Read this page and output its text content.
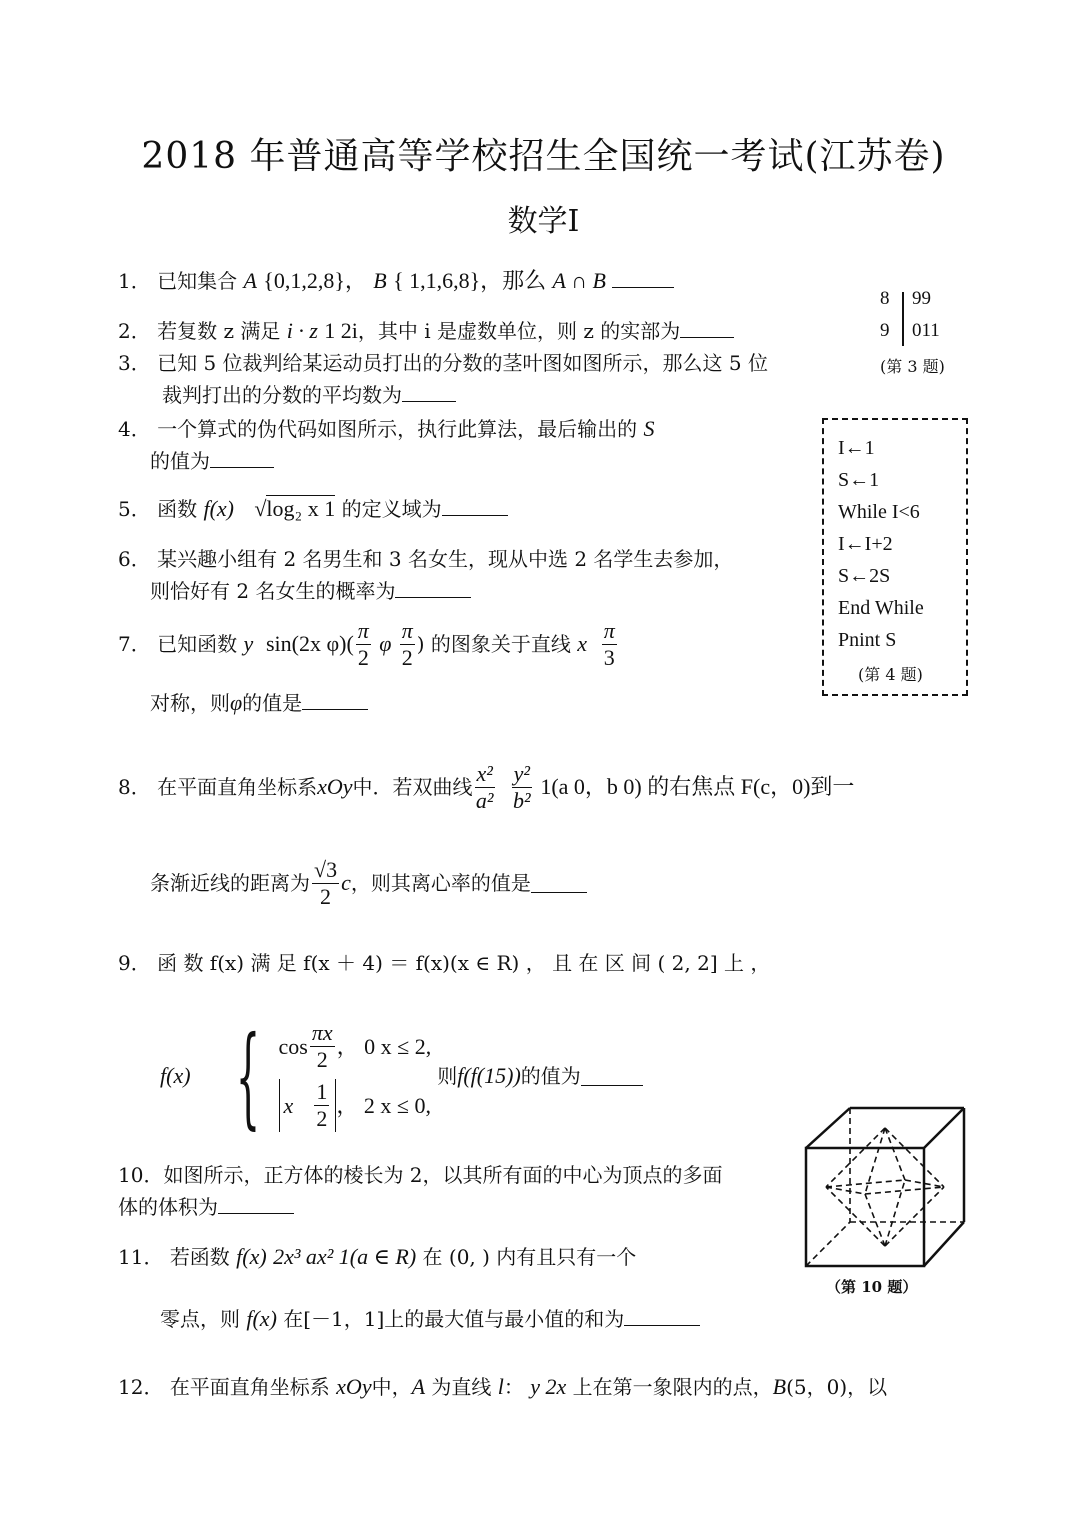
2018 年普通高等学校招生全国统一考试(江苏卷)
数学Ⅰ
1． 已知集合 A {0,1,2,8}， B { 1,1,6,8}，那么 A ∩ B
2． 若复数 z 满足 i · z 1 2i，其中 i 是虚数单位，则 z 的实部为
3． 已知 5 位裁判给某运动员打出的分数的茎叶图如图所示，那么这 5 位
裁判打出的分数的平均数为
4． 一个算式的伪代码如图所示，执行此算法，最后输出的 S
的值为
5． 函数 f(x) √log₂ x 1 的定义域为
6． 某兴趣小组有 2 名男生和 3 名女生，现从中选 2 名学生去参加，
则恰好有 2 名女生的概率为
7．
已知函数
y
sin(2x $\varphi)( \frac{\pi}{2}$
φ
$\frac{\pi}{2}$ ) 的图象关于直线
x
$\frac{\pi}{3}$
对称，则φ的值是
8．
在平面直角坐标系 xOy 中．若双曲线 $\frac{\text{x²}}{\text{a²}}$
$\frac{\text{y²}}{\text{b²}}$
1(a 0，b 0) 的右焦点 F(c，0)到一
条渐近线的距离为 $\frac{√3}{2}$ c ，则其离心率的值是
9． 函 数 f(x) 满 足 f(x ＋ 4) ＝ f(x)(x ∈ R) ， 且 在 区 间 ( 2, 2] 上 ，
f(x) { $\cos \frac{\pi x}{2}$ ， 0 x ≤ 2,
x
$\frac{1}{2}$ ， 2 x ≤ 0,
则 f(f(15)) 的值为
10．如图所示，正方体的棱长为 2，以其所有面的中心为顶点的多面
体的体积为
11． 若函数 f(x) 2x³ ax² 1(a ∈ R) 在 (0, ) 内有且只有一个
零点，则 f(x) 在[－1，1]上的最大值与最小值的和为
12． 在平面直角坐标系 xOy中，A 为直线 l： y 2x 上在第一象限内的点，B(5，0)，以
8 99
9 011
(第 3 题)
I←1
S←1
While I<6
I←I+2
S←2S
End While
Pnint S
(第 4 题)
（第 10 题）
